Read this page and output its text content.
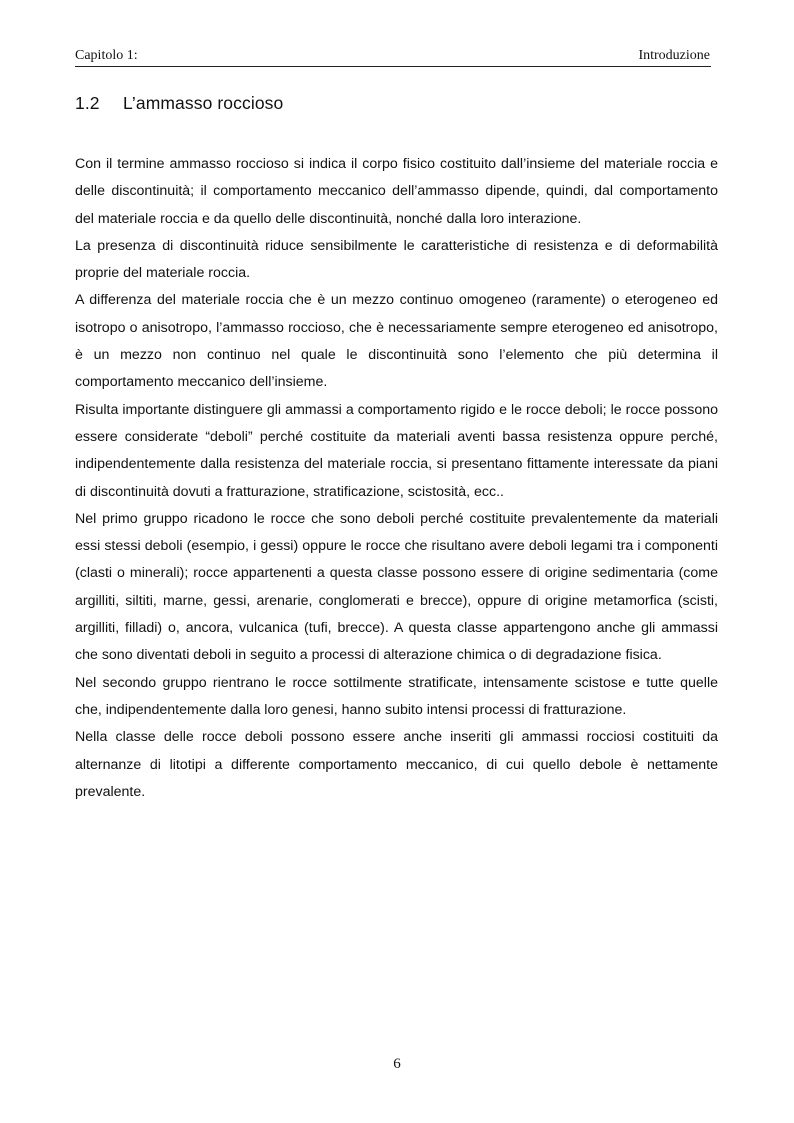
Capitolo 1:	Introduzione
1.2 L’ammasso roccioso

Con il termine ammasso roccioso si indica il corpo fisico costituito dall’insieme del materiale roccia e delle discontinuità; il comportamento meccanico dell’ammasso dipende, quindi, dal comportamento del materiale roccia e da quello delle discontinuità, nonché dalla loro interazione.

La presenza di discontinuità riduce sensibilmente le caratteristiche di resistenza e di deformabilità proprie del materiale roccia.

A differenza del materiale roccia che è un mezzo continuo omogeneo (raramente) o eterogeneo ed isotropo o anisotropo, l’ammasso roccioso, che è necessariamente sempre eterogeneo ed anisotropo, è un mezzo non continuo nel quale le discontinuità sono l’elemento che più determina il comportamento meccanico dell’insieme.

Risulta importante distinguere gli ammassi a comportamento rigido e le rocce deboli; le rocce possono essere considerate “deboli” perché costituite da materiali aventi bassa resistenza oppure perché, indipendentemente dalla resistenza del materiale roccia, si presentano fittamente interessate da piani di discontinuità dovuti a fratturazione, stratificazione, scistosità, ecc..

Nel primo gruppo ricadono le rocce che sono deboli perché costituite prevalentemente da materiali essi stessi deboli (esempio, i gessi) oppure le rocce che risultano avere deboli legami tra i componenti (clasti o minerali); rocce appartenenti a questa classe possono essere di origine sedimentaria (come argilliti, siltiti, marne, gessi, arenarie, conglomerati e brecce), oppure di origine metamorfica (scisti, argilliti, filladi) o, ancora, vulcanica (tufi, brecce). A questa classe appartengono anche gli ammassi che sono diventati deboli in seguito a processi di alterazione chimica o di degradazione fisica.

Nel secondo gruppo rientrano le rocce sottilmente stratificate, intensamente scistose e tutte quelle che, indipendentemente dalla loro genesi, hanno subito intensi processi di fratturazione.

Nella classe delle rocce deboli possono essere anche inseriti gli ammassi rocciosi costituiti da alternanze di litotipi a differente comportamento meccanico, di cui quello debole è nettamente prevalente.

6
